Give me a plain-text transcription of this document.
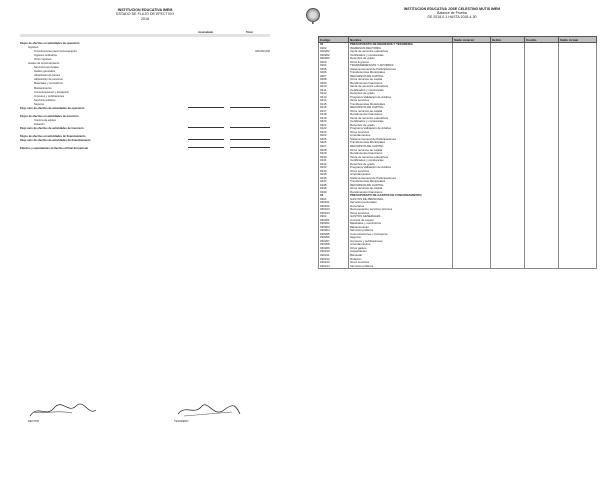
INSTITUCION EDUCATIVA IMEM
ESTADO DE FLUJO DE EFECTIVO
2018
Acumulado	Total
Flujos de efectivo en actividades de operación
Ingresos
Transferencias para funcionamiento	320,000,000
Ingresos ordinarios
Otros ingresos
Gastos de funcionamiento
Servicios personales
Gastos generales
Adquisición de bienes
Adquisición de servicios
Materiales y suministros
Mantenimiento
Comunicaciones y transporte
Impresos y publicaciones
Servicios públicos
Seguros
Flujo neto de efectivo de actividades de operación
Flujos de efectivo en actividades de inversión
Compra de equipo
Dotación
Flujo neto de efectivo de actividades de inversión
Flujos de efectivo en actividades de financiamiento
Flujo neto de efectivo de actividades de financiamiento
Efectivo y equivalentes al efectivo al final del periodo
RECTOR	TESORERO
IE
INSTITUCION EDUCATIVA JOSE CELESTINO MUTIS IMEM
Balance de Prueba
DE 2018-0-1 HASTA 2018-4-30
Codigo	Nombre	Saldo Anterior	Debito	Credito	Saldo Actual
02	PRESUPUESTO DE INGRESOS Y TESORERIA				
0202	INGRESOS RECTORIA				
020202	Venta de servicios educativos				
020202	Certificados y constancias				
020203	Derechos de grado				
0203	Otros ingresos				
0204	TRANSFERENCIAS Y APORTES				
0205	Sistema General de Participaciones				
0206	Transferencias Municipales				
0207	RECURSOS DE CAPITAL				
0208	Otros recursos de capital				
0209	Rendimientos financieros				
0210	Venta de servicios educativos				
0211	Certificados y constancias				
0212	Derechos de grado				
0213	Programa Validación de Adultos				
0214	Otros servicios				
0215	Transferencias Municipales				
0216	RECURSOS DE CAPITAL				
0217	Otros recursos de capital				
0218	Rendimientos financieros				
0219	Venta de servicios educativos				
0220	Certificados y constancias				
0221	Derechos de grado				
0222	Programa Validación de Adultos				
0223	Otros servicios				
0224	Arrendamientos				
0225	Sistema General de Participaciones				
0226	Transferencias Municipales				
0227	RECURSOS DE CAPITAL				
0228	Otros recursos de capital				
0229	Rendimientos financieros				
0230	Venta de servicios educativos				
0231	Certificados y constancias				
0232	Derechos de grado				
0233	Programa Validación de Adultos				
0234	Otros servicios				
0235	Arrendamientos				
0236	Sistema General de Participaciones				
0237	Transferencias Municipales				
0238	RECURSOS DE CAPITAL				
0239	Otros recursos de capital				
0240	Rendimientos financieros				
03	PRESUPUESTO DE GASTOS DE FUNCIONAMIENTO				
0301	GASTOS DE PERSONAL				
030101	Servicios personales				
030102	Honorarios				
030103	Remuneración servicios técnicos				
030104	Otros servicios				
0302	GASTOS GENERALES				
030201	Compra de equipo				
030202	Materiales y suministros				
030203	Mantenimiento				
030204	Servicios públicos				
030205	Comunicaciones y transporte				
030206	Seguros				
030207	Impresos y publicaciones				
030208	Arrendamientos				
030209	Otros gastos				
030210	Capacitación				
030211	Bienestar				
030212	Dotación				
030213	Otros servicios				
030214	Servicios públicos				
